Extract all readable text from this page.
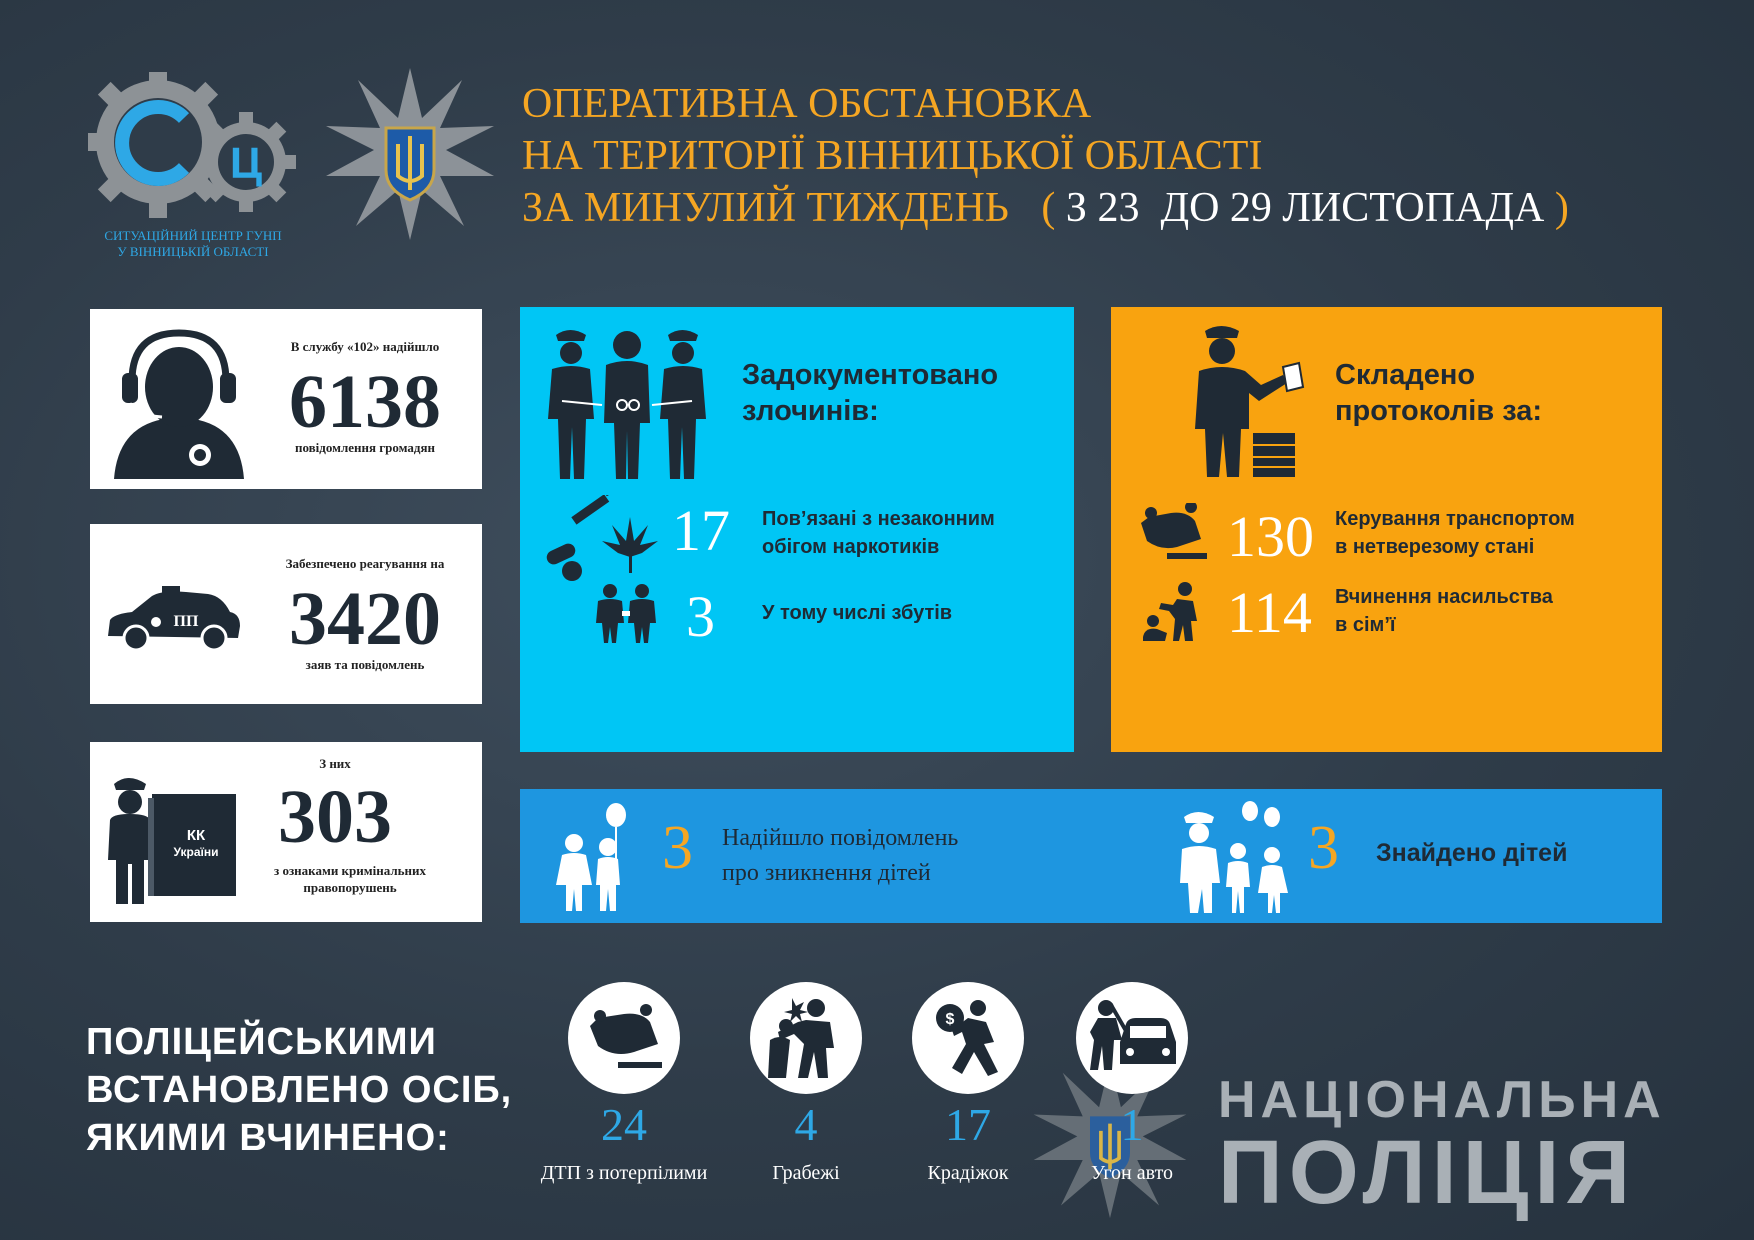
Ц
СИТУАЦІЙНИЙ ЦЕНТР ГУНП
У ВІННИЦЬКІЙ ОБЛАСТІ
ОПЕРАТИВНА ОБСТАНОВКА
НА ТЕРИТОРІЇ ВІННИЦЬКОЇ ОБЛАСТІ
ЗА МИНУЛИЙ ТИЖДЕНЬ ( З 23  ДО 29 ЛИСТОПАДА )
В службу «102» надійшло
6138
повідомлення громадян
ПП
Забезпечено реагування на
3420
заяв та повідомлень
КК
України
З них
303
з ознаками кримінальних
правопорушень
Задокументовано
злочинів:
17 Пов’язані з незаконним
обігом наркотиків
3 У тому числі збутів
Складено
протоколів за:
130 Керування транспортом
в нетверезому стані
114 Вчинення насильства
в сім’ї
3 Надійшло повідомлень
про зникнення дітей	3 Знайдено дітей
ПОЛІЦЕЙСЬКИМИ
ВСТАНОВЛЕНО ОСІБ,
ЯКИМИ ВЧИНЕНО:	24
ДТП з потерпілими
4
Грабежі
$
17
Крадіжок
1
Угон авто
НАЦІОНАЛЬНА
ПОЛІЦІЯ
